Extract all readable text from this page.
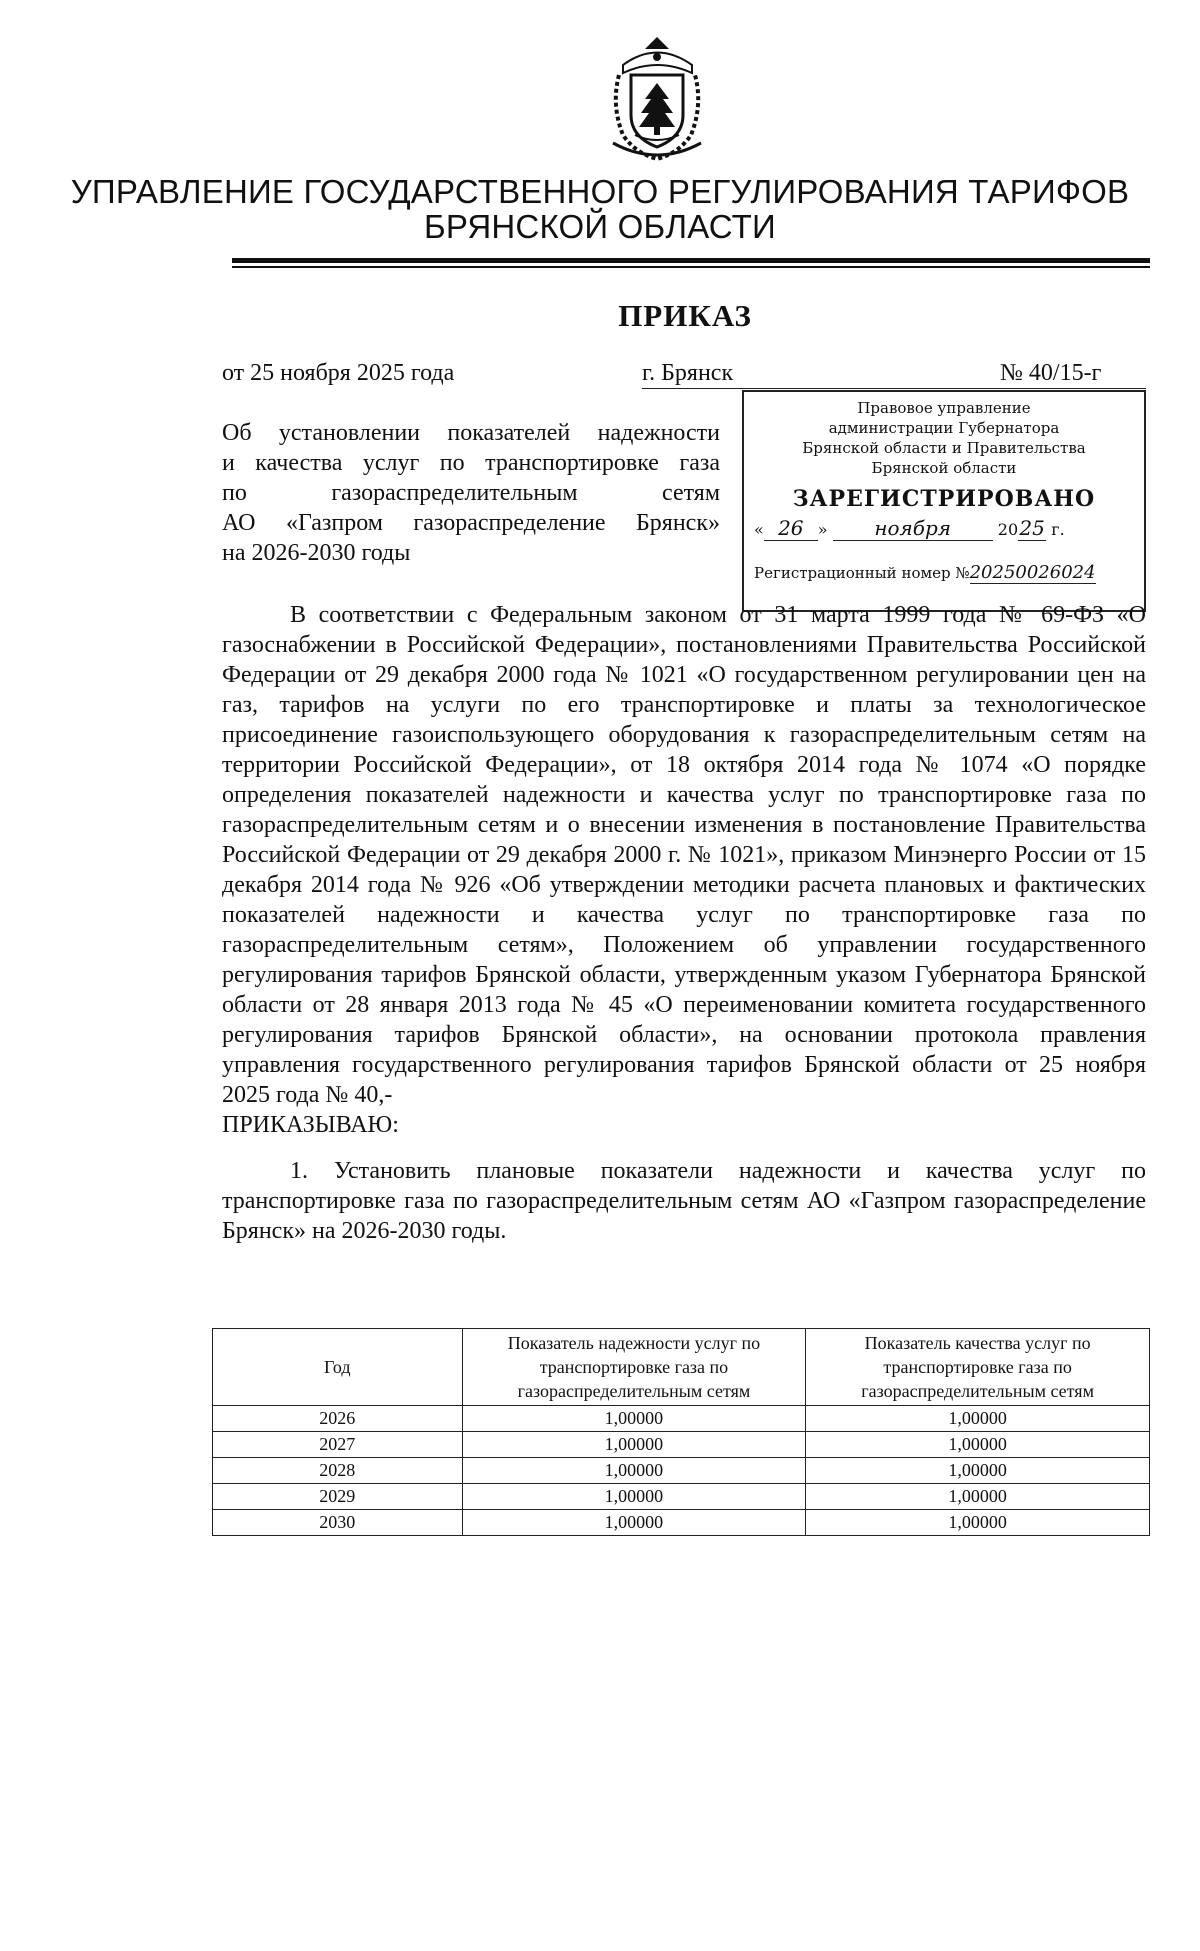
УПРАВЛЕНИЕ ГОСУДАРСТВЕННОГО РЕГУЛИРОВАНИЯ ТАРИФОВ
БРЯНСКОЙ ОБЛАСТИ
ПРИКАЗ
от 25 ноября 2025 года	г. Брянск	№ 40/15-г
Об установлении показателей надежности
и качества услуг по транспортировке газа
по газораспределительным сетям
АО «Газпром газораспределение Брянск»
на 2026-2030 годы
Правовое управление
администрации Губернатора
Брянской области и Правительства
Брянской области
ЗАРЕГИСТРИРОВАНО
« 26 » ноября	2025 г.
Регистрационный номер №20250026024

В соответствии с Федеральным законом от 31 марта 1999 года № 69-ФЗ «О газоснабжении в Российской Федерации», постановлениями Правительства Российской Федерации от 29 декабря 2000 года № 1021 «О государственном регулировании цен на газ, тарифов на услуги по его транспортировке и платы за технологическое присоединение газоиспользующего оборудования к газораспределительным сетям на территории Российской Федерации», от 18 октября 2014 года № 1074 «О порядке определения показателей надежности и качества услуг по транспортировке газа по газораспределительным сетям и о внесении изменения в постановление Правительства Российской Федерации от 29 декабря 2000 г. № 1021», приказом Минэнерго России от 15 декабря 2014 года № 926 «Об утверждении методики расчета плановых и фактических показателей надежности и качества услуг по транспортировке газа по газораспределительным сетям», Положением об управлении государственного регулирования тарифов Брянской области, утвержденным указом Губернатора Брянской области от 28 января 2013 года № 45 «О переименовании комитета государственного регулирования тарифов Брянской области», на основании протокола правления управления государственного регулирования тарифов Брянской области от 25 ноября 2025 года № 40,-

ПРИКАЗЫВАЮ:

1. Установить плановые показатели надежности и качества услуг по транспортировке газа по газораспределительным сетям АО «Газпром газораспределение Брянск» на 2026-2030 годы.

Год	Показатель надежности услуг по транспортировке газа по газораспределительным сетям	Показатель качества услуг по транспортировке газа по газораспределительным сетям
2026	1,00000	1,00000
2027	1,00000	1,00000
2028	1,00000	1,00000
2029	1,00000	1,00000
2030	1,00000	1,00000
